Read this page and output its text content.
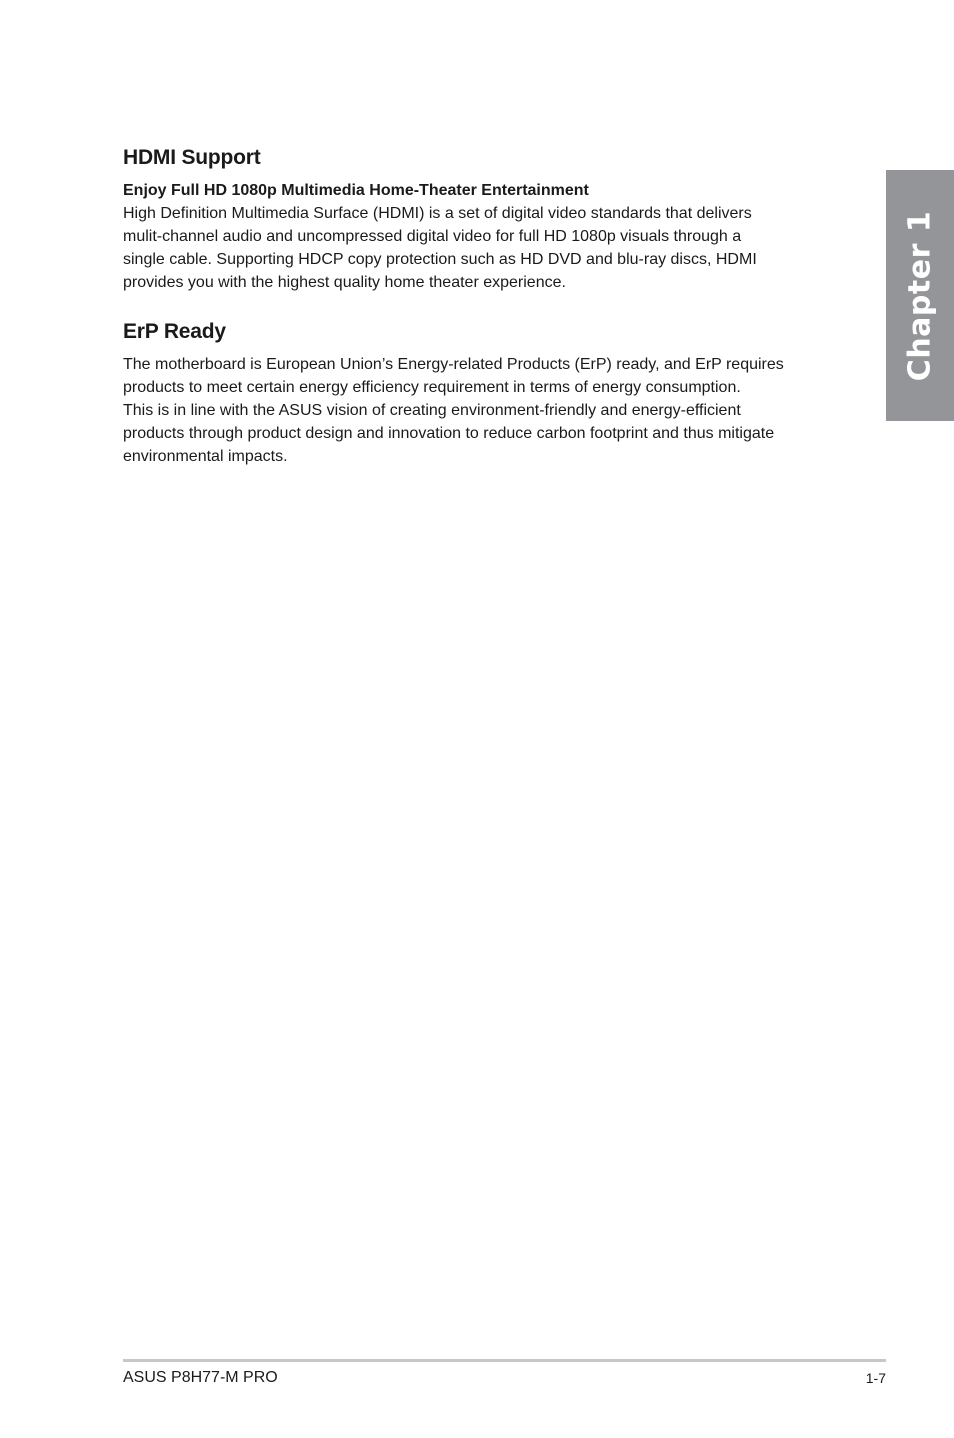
HDMI Support

Enjoy Full HD 1080p Multimedia Home-Theater Entertainment

High Definition Multimedia Surface (HDMI) is a set of digital video standards that delivers
mulit-channel audio and uncompressed digital video for full HD 1080p visuals through a
single cable. Supporting HDCP copy protection such as HD DVD and blu-ray discs, HDMI
provides you with the highest quality home theater experience.

ErP Ready

The motherboard is European Union’s Energy-related Products (ErP) ready, and ErP requires
products to meet certain energy efficiency requirement in terms of energy consumption.
This is in line with the ASUS vision of creating environment-friendly and energy-efficient
products through product design and innovation to reduce carbon footprint and thus mitigate
environmental impacts.

Chapter 1
ASUS P8H77-M PRO	1-7
